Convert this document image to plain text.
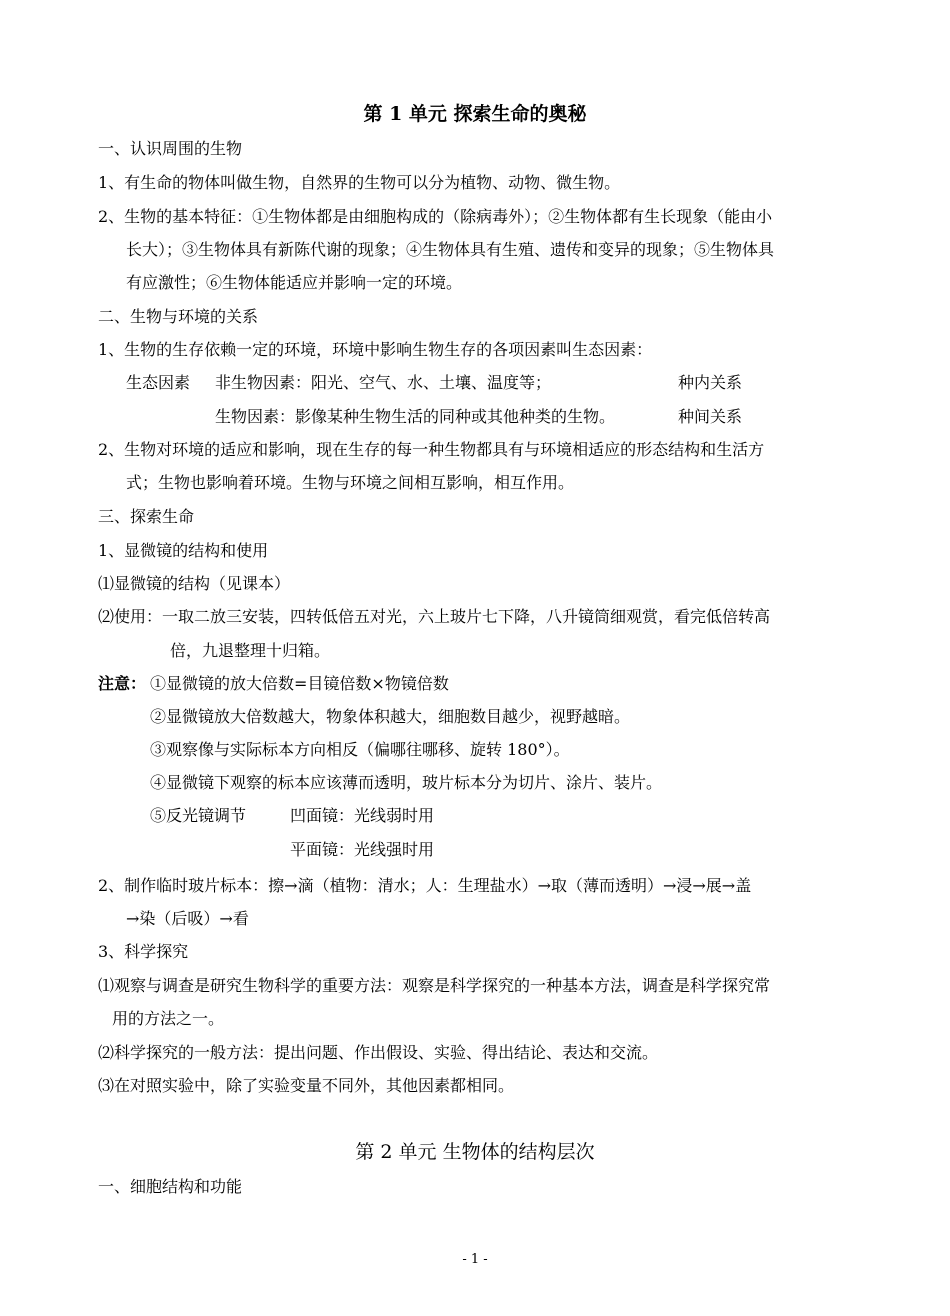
第 1 单元 探索生命的奥秘
一、认识周围的生物
1、有生命的物体叫做生物，自然界的生物可以分为植物、动物、微生物。
2、生物的基本特征：①生物体都是由细胞构成的（除病毒外）；②生物体都有生长现象（能由小
长大）；③生物体具有新陈代谢的现象；④生物体具有生殖、遗传和变异的现象；⑤生物体具
有应激性；⑥生物体能适应并影响一定的环境。
二、生物与环境的关系
1、生物的生存依赖一定的环境，环境中影响生物生存的各项因素叫生态因素：
生态因素 非生物因素：阳光、空气、水、土壤、温度等；	种内关系
生物因素：影像某种生物生活的同种或其他种类的生物。	种间关系
2、生物对环境的适应和影响，现在生存的每一种生物都具有与环境相适应的形态结构和生活方
式；生物也影响着环境。生物与环境之间相互影响，相互作用。
三、探索生命
1、显微镜的结构和使用
⑴显微镜的结构（见课本）
⑵使用：一取二放三安装，四转低倍五对光，六上玻片七下降，八升镜筒细观赏，看完低倍转高
倍，九退整理十归箱。
注意： ①显微镜的放大倍数=目镜倍数×物镜倍数
②显微镜放大倍数越大，物象体积越大，细胞数目越少，视野越暗。
③观察像与实际标本方向相反（偏哪往哪移、旋转 180°）。
④显微镜下观察的标本应该薄而透明，玻片标本分为切片、涂片、装片。
⑤反光镜调节	凹面镜：光线弱时用
平面镜：光线强时用
2、制作临时玻片标本：擦→滴（植物：清水；人：生理盐水）→取（薄而透明）→浸→展→盖
→染（后吸）→看
3、科学探究
⑴观察与调查是研究生物科学的重要方法：观察是科学探究的一种基本方法，调查是科学探究常
用的方法之一。
⑵科学探究的一般方法：提出问题、作出假设、实验、得出结论、表达和交流。
⑶在对照实验中，除了实验变量不同外，其他因素都相同。
第 2 单元 生物体的结构层次
一、细胞结构和功能
- 1 -
